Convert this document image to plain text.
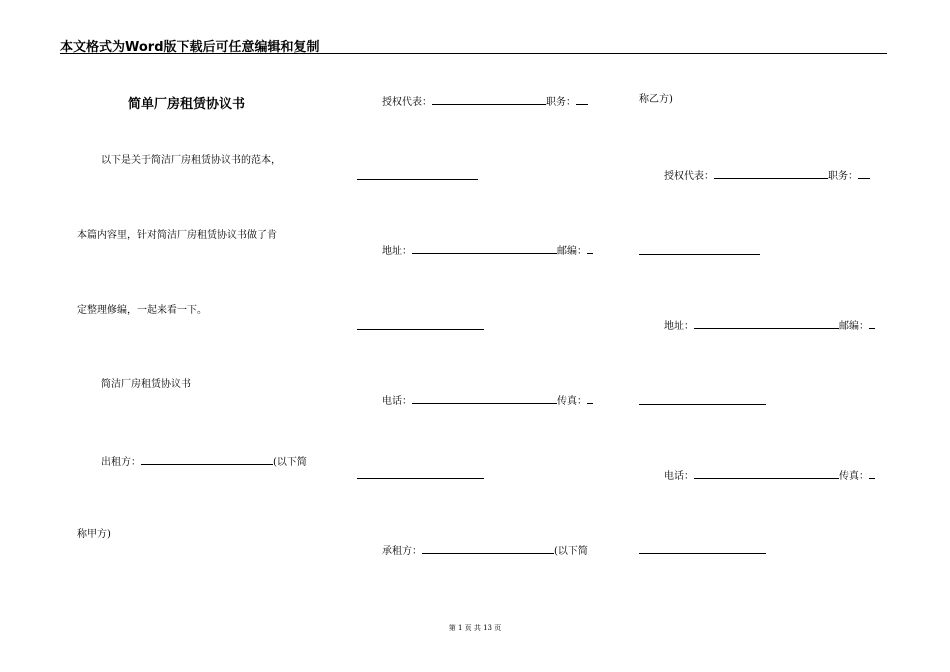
本文格式为Word版下载后可任意编辑和复制
简单厂房租赁协议书
以下是关于简洁厂房租赁协议书的范本，
本篇内容里，针对简洁厂房租赁协议书做了肯
定整理修编，一起来看一下。
简洁厂房租赁协议书
出租方：	(以下简
称甲方)
授权代表：	职务：
地址：	邮编：
电话：	传真：
承租方：	(以下简
称乙方)
授权代表：	职务：
地址：	邮编：
电话：	传真：
第 1 页 共 13 页
